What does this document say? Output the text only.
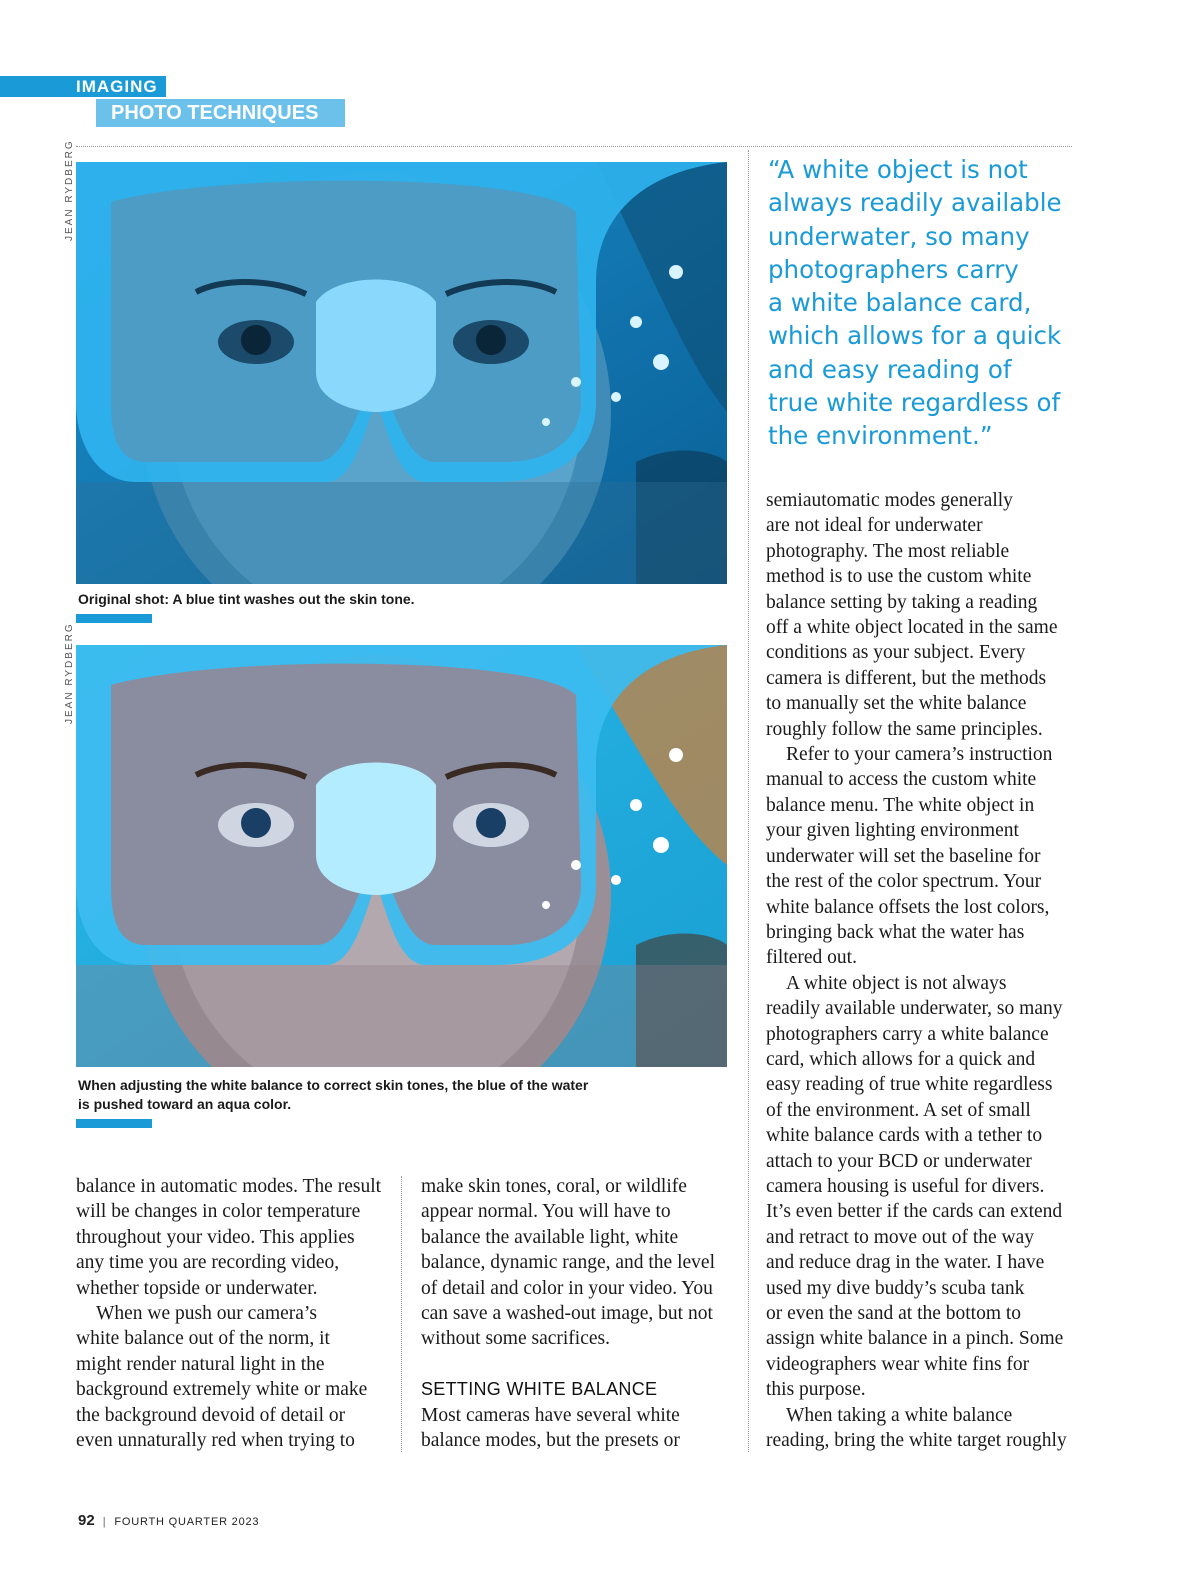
IMAGING
PHOTO TECHNIQUES
JEAN RYDBERG
Original shot: A blue tint washes out the skin tone.
JEAN RYDBERG
When adjusting the white balance to correct skin tones, the blue of the water
is pushed toward an aqua color.
“A white object is not
always readily available
underwater, so many
photographers carry
a white balance card,
which allows for a quick
and easy reading of
true white regardless of
the environment.”
balance in automatic modes. The result
will be changes in color temperature
throughout your video. This applies
any time you are recording video,
whether topside or underwater.
When we push our camera’s
white balance out of the norm, it
might render natural light in the
background extremely white or make
the background devoid of detail or
even unnaturally red when trying to
make skin tones, coral, or wildlife
appear normal. You will have to
balance the available light, white
balance, dynamic range, and the level
of detail and color in your video. You
can save a washed-out image, but not
without some sacrifices.

SETTING WHITE BALANCE
Most cameras have several white
balance modes, but the presets or
semiautomatic modes generally
are not ideal for underwater
photography. The most reliable
method is to use the custom white
balance setting by taking a reading
off a white object located in the same
conditions as your subject. Every
camera is different, but the methods
to manually set the white balance
roughly follow the same principles.
Refer to your camera’s instruction
manual to access the custom white
balance menu. The white object in
your given lighting environment
underwater will set the baseline for
the rest of the color spectrum. Your
white balance offsets the lost colors,
bringing back what the water has
filtered out.
A white object is not always
readily available underwater, so many
photographers carry a white balance
card, which allows for a quick and
easy reading of true white regardless
of the environment. A set of small
white balance cards with a tether to
attach to your BCD or underwater
camera housing is useful for divers.
It’s even better if the cards can extend
and retract to move out of the way
and reduce drag in the water. I have
used my dive buddy’s scuba tank
or even the sand at the bottom to
assign white balance in a pinch. Some
videographers wear white fins for
this purpose.
When taking a white balance
reading, bring the white target roughly
92 | FOURTH QUARTER 2023
